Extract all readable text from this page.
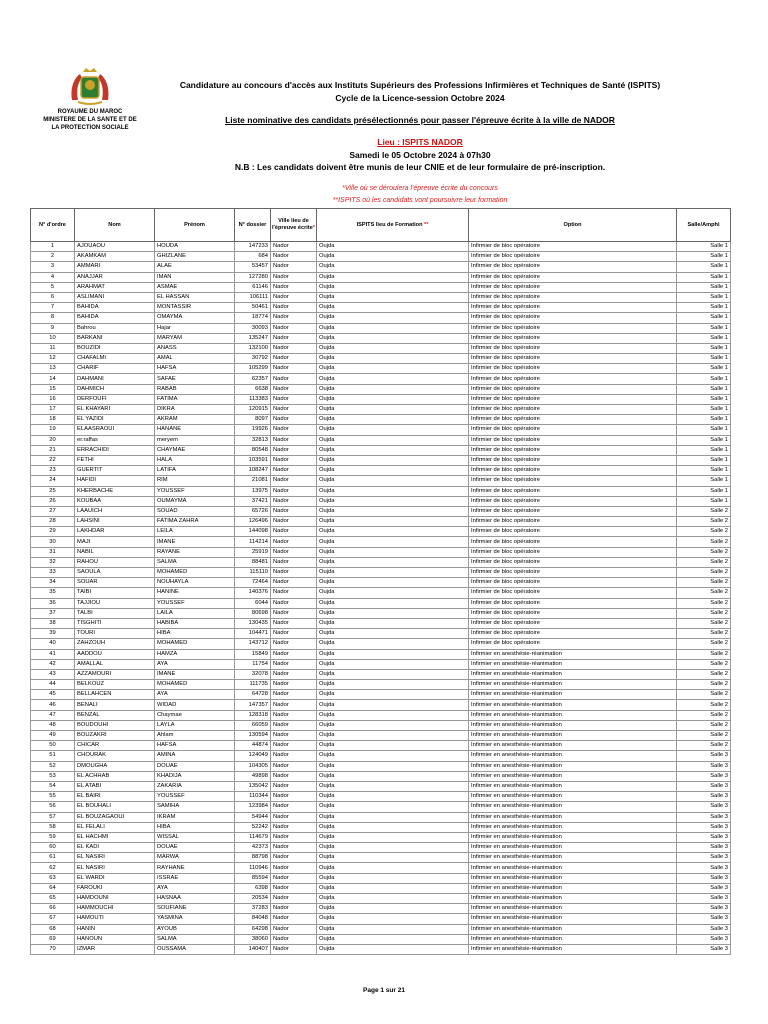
ROYAUME DU MAROC
MINISTERE DE LA SANTE ET DE
LA PROTECTION SOCIALE
Candidature au concours d'accès aux Instituts Supérieurs des Professions Infirmières et Techniques de Santé (ISPITS)
Cycle de la Licence-session Octobre 2024
Liste nominative des candidats présélectionnés pour passer l'épreuve écrite à la ville de NADOR
Lieu : ISPITS NADOR
Samedi le 05 Octobre 2024 à 07h30
N.B : Les candidats doivent être munis de leur CNIE et de leur formulaire de pré-inscription.
*Ville où se déroulera l'épreuve écrite du concours
**ISPITS où les candidats vont poursuivre leur formation
N° d'ordre	Nom	Prénom	N° dossier	Ville lieu de l'épreuve écrite*	ISPITS lieu de Formation **	Option	Salle/Amphi
1	AJOUAOU	HOUDA	147233	Nador	Oujda	Infirmier de bloc opératoire	Salle 1
2	AKAMKAM	GHIZLANE	684	Nador	Oujda	Infirmier de bloc opératoire	Salle 1
3	AMMARI	ALAE	53457	Nador	Oujda	Infirmier de bloc opératoire	Salle 1
4	ANAJJAR	IMAN	127280	Nador	Oujda	Infirmier de bloc opératoire	Salle 1
5	ARAHMAT	ASMAE	61146	Nador	Oujda	Infirmier de bloc opératoire	Salle 1
6	ASLIMANI	EL HASSAN	106111	Nador	Oujda	Infirmier de bloc opératoire	Salle 1
7	BAHIDA	MONTASSIR	50461	Nador	Oujda	Infirmier de bloc opératoire	Salle 1
8	BAHIDA	OMAYMA	18774	Nador	Oujda	Infirmier de bloc opératoire	Salle 1
9	Bahrou	Hajar	30093	Nador	Oujda	Infirmier de bloc opératoire	Salle 1
10	BARKANI	MARYAM	135247	Nador	Oujda	Infirmier de bloc opératoire	Salle 1
11	BOUZIDI	ANASS	132100	Nador	Oujda	Infirmier de bloc opératoire	Salle 1
12	CHAFALMI	AMAL	30792	Nador	Oujda	Infirmier de bloc opératoire	Salle 1
13	CHARIF	HAFSA	105299	Nador	Oujda	Infirmier de bloc opératoire	Salle 1
14	DAHMANI	SAFAE	62357	Nador	Oujda	Infirmier de bloc opératoire	Salle 1
15	DAHMICH	RABAB	6638	Nador	Oujda	Infirmier de bloc opératoire	Salle 1
16	DERFOUFI	FATIMA	113383	Nador	Oujda	Infirmier de bloc opératoire	Salle 1
17	EL KHAYARI	DIKRA	120915	Nador	Oujda	Infirmier de bloc opératoire	Salle 1
18	EL YAZIDI	AKRAM	8097	Nador	Oujda	Infirmier de bloc opératoire	Salle 1
19	ELAASRAOUI	HANANE	19926	Nador	Oujda	Infirmier de bloc opératoire	Salle 1
20	er.raffas	meryem	32813	Nador	Oujda	Infirmier de bloc opératoire	Salle 1
21	ERRACHIDI	CHAYMAE	80548	Nador	Oujda	Infirmier de bloc opératoire	Salle 1
22	FETHI	HALA	103591	Nador	Oujda	Infirmier de bloc opératoire	Salle 1
23	GUERTIT	LATIFA	108247	Nador	Oujda	Infirmier de bloc opératoire	Salle 1
24	HAFIDI	RIM	21081	Nador	Oujda	Infirmier de bloc opératoire	Salle 1
25	KHERBACHE	YOUSSEF	13975	Nador	Oujda	Infirmier de bloc opératoire	Salle 1
26	KOUBAA	OUMAYMA	37421	Nador	Oujda	Infirmier de bloc opératoire	Salle 1
27	LAAUICH	SOUAD	65726	Nador	Oujda	Infirmier de bloc opératoire	Salle 2
28	LAHSINI	FATIMA ZAHRA	126496	Nador	Oujda	Infirmier de bloc opératoire	Salle 2
29	LAKHDAR	LEILA	144098	Nador	Oujda	Infirmier de bloc opératoire	Salle 2
30	MAJI	IMANE	114214	Nador	Oujda	Infirmier de bloc opératoire	Salle 2
31	NABIL	RAYANE	25919	Nador	Oujda	Infirmier de bloc opératoire	Salle 2
32	RAHOU	SALMA	88481	Nador	Oujda	Infirmier de bloc opératoire	Salle 2
33	SAOULA	MOHAMED	115110	Nador	Oujda	Infirmier de bloc opératoire	Salle 2
34	SOUAR	NOUHAYLA	72464	Nador	Oujda	Infirmier de bloc opératoire	Salle 2
35	TAIBI	HANINE	140376	Nador	Oujda	Infirmier de bloc opératoire	Salle 2
36	TAJJIOU	YOUSSEF	6044	Nador	Oujda	Infirmier de bloc opératoire	Salle 2
37	TALBI	LAILA	80698	Nador	Oujda	Infirmier de bloc opératoire	Salle 2
38	TISGHITI	HABIBA	130435	Nador	Oujda	Infirmier de bloc opératoire	Salle 2
39	TOURI	HIBA	104471	Nador	Oujda	Infirmier de bloc opératoire	Salle 2
40	ZAHZOUH	MOHAMED	143712	Nador	Oujda	Infirmier de bloc opératoire	Salle 2
41	AADDOU	HAMZA	15849	Nador	Oujda	Infirmier en anesthésie-réanimation	Salle 2
42	AMALLAL	AYA	11754	Nador	Oujda	Infirmier en anesthésie-réanimation	Salle 2
43	AZZAMOURI	IMANE	32078	Nador	Oujda	Infirmier en anesthésie-réanimation	Salle 2
44	BELKOUZ	MOHAMED	111735	Nador	Oujda	Infirmier en anesthésie-réanimation	Salle 2
45	BELLAHCEN	AYA	64728	Nador	Oujda	Infirmier en anesthésie-réanimation	Salle 2
46	BENALI	WIDAD	147357	Nador	Oujda	Infirmier en anesthésie-réanimation	Salle 2
47	BENZAL	Chaymae	128318	Nador	Oujda	Infirmier en anesthésie-réanimation	Salle 2
48	BOUDOUHI	LAYLA	66059	Nador	Oujda	Infirmier en anesthésie-réanimation	Salle 2
49	BOUZAKRI	Ahlam	130594	Nador	Oujda	Infirmier en anesthésie-réanimation	Salle 2
50	CHICAR	HAFSA	44874	Nador	Oujda	Infirmier en anesthésie-réanimation	Salle 2
51	CHOURAK	AMINA	124049	Nador	Oujda	Infirmier en anesthésie-réanimation	Salle 3
52	DMOUGHA	DOUAE	104305	Nador	Oujda	Infirmier en anesthésie-réanimation	Salle 3
53	EL ACHHAB	KHADIJA	49898	Nador	Oujda	Infirmier en anesthésie-réanimation	Salle 3
54	EL ATABI	ZAKARIA	135042	Nador	Oujda	Infirmier en anesthésie-réanimation	Salle 3
55	EL BAIRI	YOUSSEF	110344	Nador	Oujda	Infirmier en anesthésie-réanimation	Salle 3
56	EL BOUHALI	SAMIHA	123984	Nador	Oujda	Infirmier en anesthésie-réanimation	Salle 3
57	EL BOUZAGAOUI	IKRAM	54944	Nador	Oujda	Infirmier en anesthésie-réanimation	Salle 3
58	EL FELALI	HIBA	52242	Nador	Oujda	Infirmier en anesthésie-réanimation	Salle 3
59	EL HACHMI	WISSAL	114679	Nador	Oujda	Infirmier en anesthésie-réanimation	Salle 3
60	EL KADI	DOUAE	42373	Nador	Oujda	Infirmier en anesthésie-réanimation	Salle 3
61	EL NASIRI	MARWA	88798	Nador	Oujda	Infirmier en anesthésie-réanimation	Salle 3
62	EL NASIRI	RAYHANE	110946	Nador	Oujda	Infirmier en anesthésie-réanimation	Salle 3
63	EL WARDI	ISSRAE	85594	Nador	Oujda	Infirmier en anesthésie-réanimation	Salle 3
64	FAROUKI	AYA	6398	Nador	Oujda	Infirmier en anesthésie-réanimation	Salle 3
65	HAMDOUNI	HASNAA	20534	Nador	Oujda	Infirmier en anesthésie-réanimation	Salle 3
66	HAMMOUCHI	SOUFIANE	37283	Nador	Oujda	Infirmier en anesthésie-réanimation	Salle 3
67	HAMOUTI	YASMINA	84048	Nador	Oujda	Infirmier en anesthésie-réanimation	Salle 3
68	HANIN	AYOUB	64298	Nador	Oujda	Infirmier en anesthésie-réanimation	Salle 3
69	HANOUN	SALMA	38060	Nador	Oujda	Infirmier en anesthésie-réanimation	Salle 3
70	IZMAR	OUSSAMA	140407	Nador	Oujda	Infirmier en anesthésie-réanimation	Salle 3
Page 1 sur 21
